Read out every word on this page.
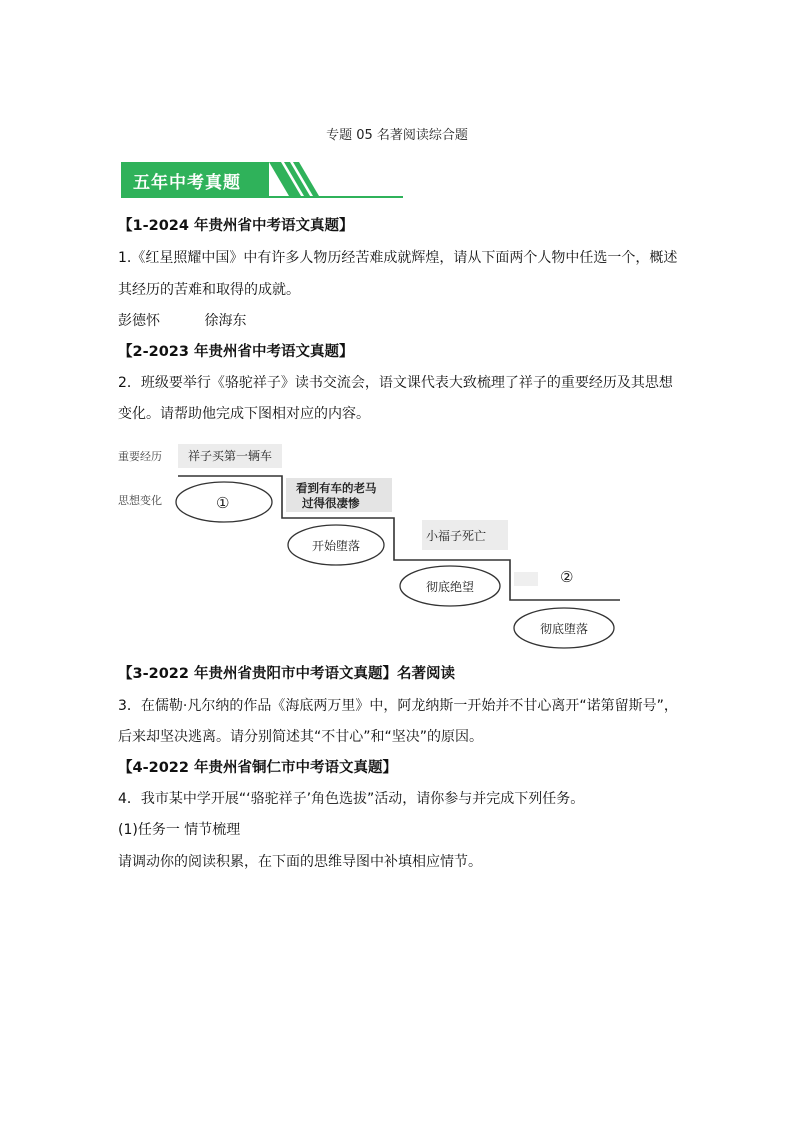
专题 05 名著阅读综合题
五年中考真题
【1-2024 年贵州省中考语文真题】
1.《红星照耀中国》中有许多人物历经苦难成就辉煌，请从下面两个人物中任选一个，概述
其经历的苦难和取得的成就。
彭德怀          徐海东
【2-2023 年贵州省中考语文真题】
2．班级要举行《骆驼祥子》读书交流会，语文课代表大致梳理了祥子的重要经历及其思想
变化。请帮助他完成下图相对应的内容。
重要经历
思想变化
祥子买第一辆车
看到有车的老马
过得很凄惨
小福子死亡
②
①
开始堕落
彻底绝望
彻底堕落
【3-2022 年贵州省贵阳市中考语文真题】名著阅读
3．在儒勒·凡尔纳的作品《海底两万里》中，阿龙纳斯一开始并不甘心离开“诺第留斯号”，
后来却坚决逃离。请分别简述其“不甘心”和“坚决”的原因。
【4-2022 年贵州省铜仁市中考语文真题】
4．我市某中学开展“‘骆驼祥子’角色选拔”活动，请你参与并完成下列任务。
(1)任务一 情节梳理
请调动你的阅读积累，在下面的思维导图中补填相应情节。
